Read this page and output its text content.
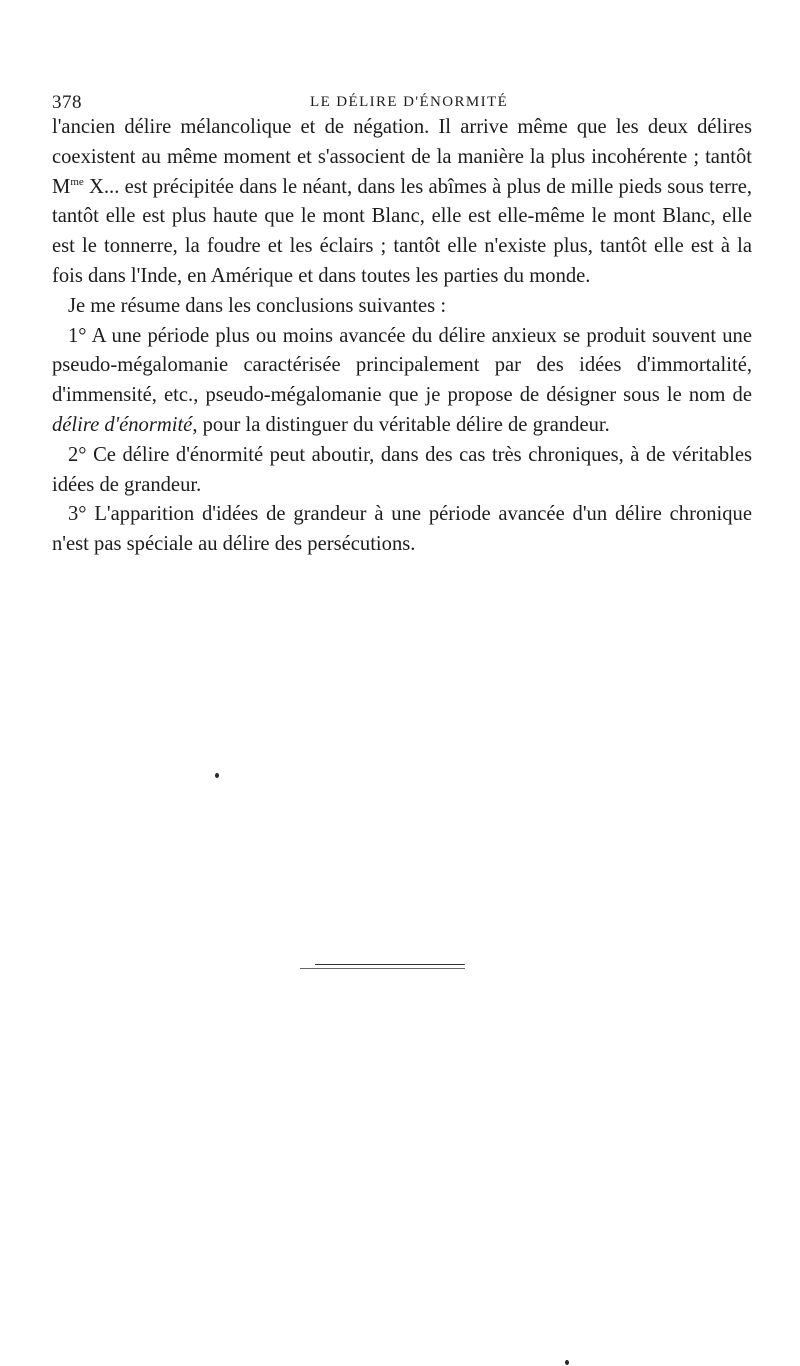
378	LE DÉLIRE D'ÉNORMITÉ

l'ancien délire mélancolique et de négation. Il arrive même que les deux délires coexistent au même moment et s'associent de la manière la plus incohérente ; tantôt $M^{me}$ X... est précipitée dans le néant, dans les abîmes à plus de mille pieds sous terre, tantôt elle est plus haute que le mont Blanc, elle est elle-même le mont Blanc, elle est le tonnerre, la foudre et les éclairs ; tantôt elle n'existe plus, tantôt elle est à la fois dans l'Inde, en Amérique et dans toutes les parties du monde.

Je me résume dans les conclusions suivantes :

1° A une période plus ou moins avancée du délire anxieux se produit souvent une pseudo-mégalomanie caractérisée principalement par des idées d'immortalité, d'immensité, etc., pseudo-mégalomanie que je propose de désigner sous le nom de délire d'énormité, pour la distinguer du véritable délire de grandeur.

2° Ce délire d'énormité peut aboutir, dans des cas très chroniques, à de véritables idées de grandeur.

3° L'apparition d'idées de grandeur à une période avancée d'un délire chronique n'est pas spéciale au délire des persécutions.
